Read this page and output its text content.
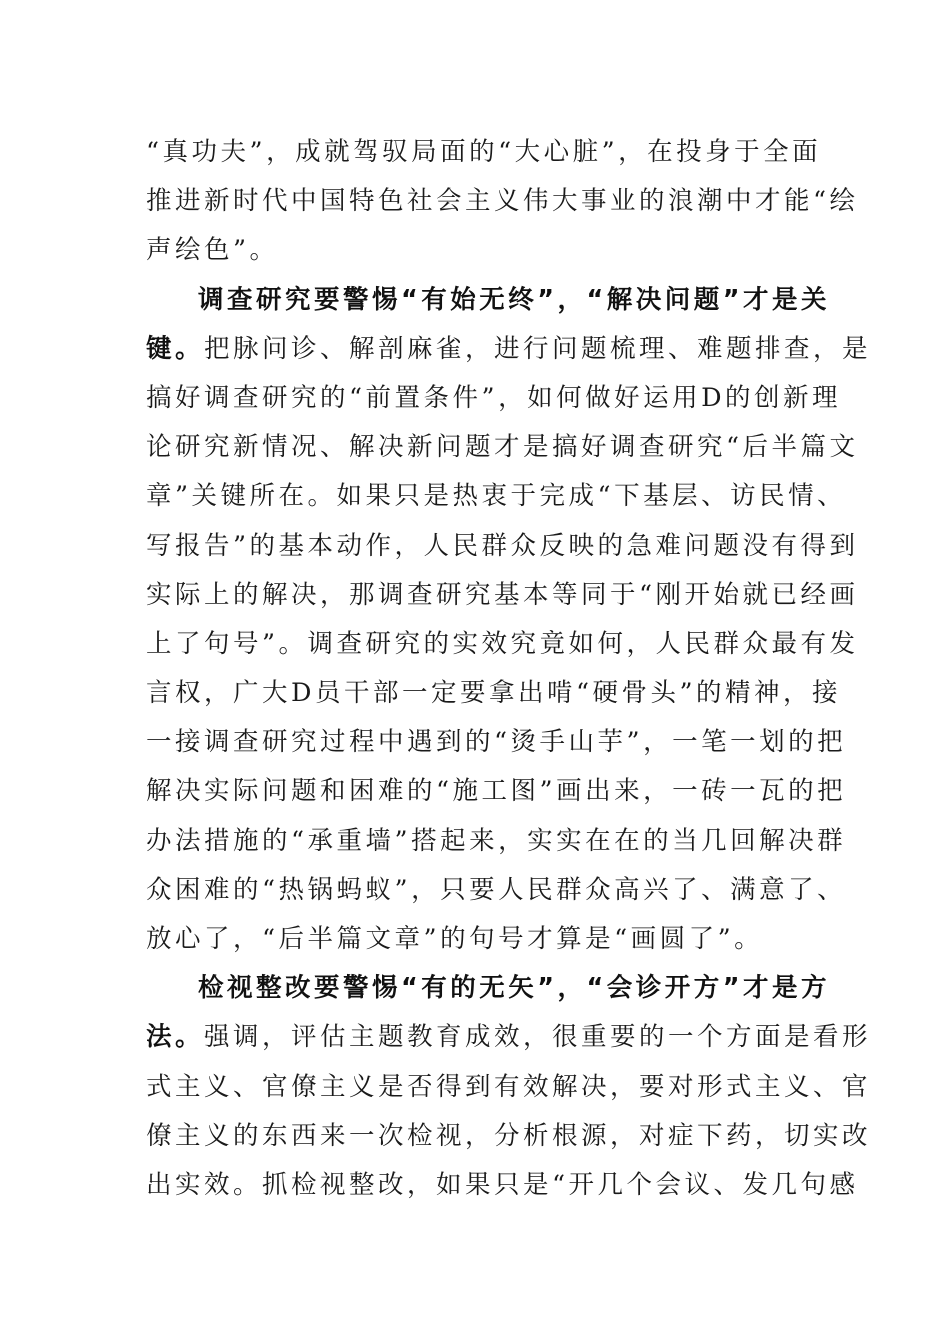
“真功夫”，成就驾驭局面的“大心脏”，在投身于全面
推进新时代中国特色社会主义伟大事业的浪潮中才能“绘
声绘色”。
调查研究要警惕“有始无终”，“解决问题”才是关
键。把脉问诊、解剖麻雀，进行问题梳理、难题排查，是
搞好调查研究的“前置条件”，如何做好运用D的创新理
论研究新情况、解决新问题才是搞好调查研究“后半篇文
章”关键所在。如果只是热衷于完成“下基层、访民情、
写报告”的基本动作，人民群众反映的急难问题没有得到
实际上的解决，那调查研究基本等同于“刚开始就已经画
上了句号”。调查研究的实效究竟如何，人民群众最有发
言权，广大D员干部一定要拿出啃“硬骨头”的精神，接
一接调查研究过程中遇到的“烫手山芋”，一笔一划的把
解决实际问题和困难的“施工图”画出来，一砖一瓦的把
办法措施的“承重墙”搭起来，实实在在的当几回解决群
众困难的“热锅蚂蚁”，只要人民群众高兴了、满意了、
放心了，“后半篇文章”的句号才算是“画圆了”。
检视整改要警惕“有的无矢”，“会诊开方”才是方
法。强调，评估主题教育成效，很重要的一个方面是看形
式主义、官僚主义是否得到有效解决，要对形式主义、官
僚主义的东西来一次检视，分析根源，对症下药，切实改
出实效。抓检视整改，如果只是“开几个会议、发几句感
